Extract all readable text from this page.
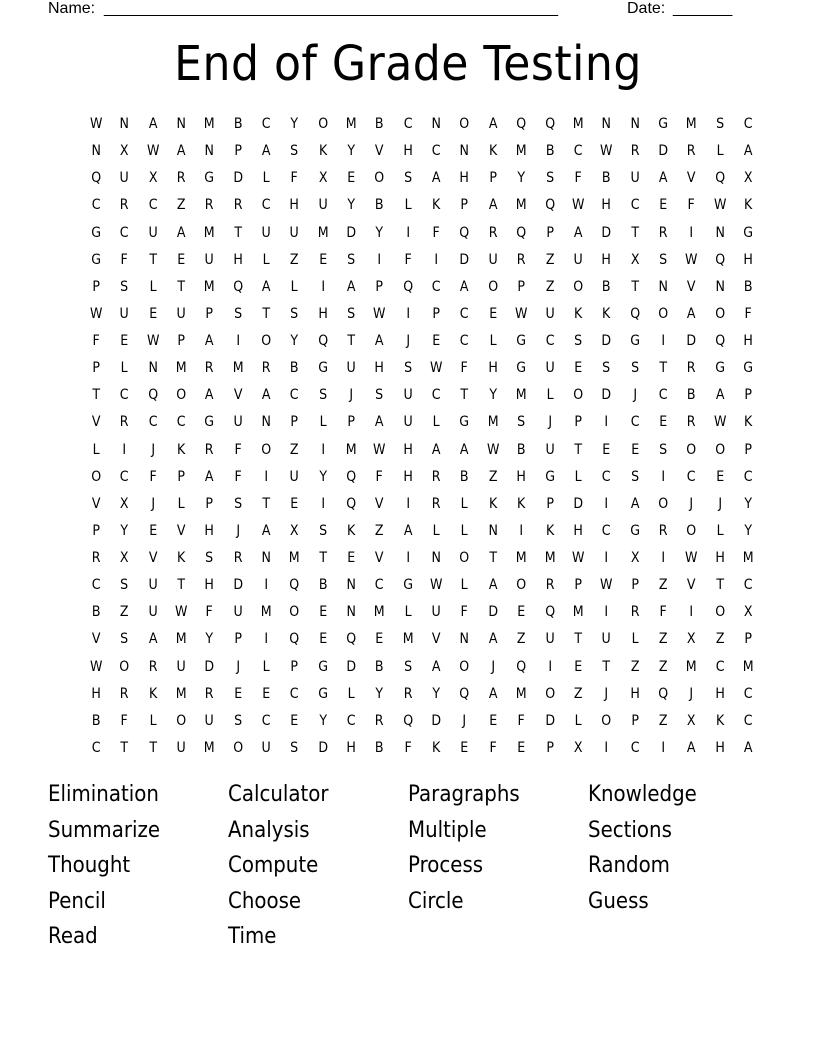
Name: ______________________________________________________	Date: _______
End of Grade Testing
W	N	A	N	M	B	C	Y	O	M	B	C	N	O	A	Q	Q	M	N	N	G	M	S	C
N	X	W	A	N	P	A	S	K	Y	V	H	C	N	K	M	B	C	W	R	D	R	L	A
Q	U	X	R	G	D	L	F	X	E	O	S	A	H	P	Y	S	F	B	U	A	V	Q	X
C	R	C	Z	R	R	C	H	U	Y	B	L	K	P	A	M	Q	W	H	C	E	F	W	K
G	C	U	A	M	T	U	U	M	D	Y	I	F	Q	R	Q	P	A	D	T	R	I	N	G
G	F	T	E	U	H	L	Z	E	S	I	F	I	D	U	R	Z	U	H	X	S	W	Q	H
P	S	L	T	M	Q	A	L	I	A	P	Q	C	A	O	P	Z	O	B	T	N	V	N	B
W	U	E	U	P	S	T	S	H	S	W	I	P	C	E	W	U	K	K	Q	O	A	O	F
F	E	W	P	A	I	O	Y	Q	T	A	J	E	C	L	G	C	S	D	G	I	D	Q	H
P	L	N	M	R	M	R	B	G	U	H	S	W	F	H	G	U	E	S	S	T	R	G	G
T	C	Q	O	A	V	A	C	S	J	S	U	C	T	Y	M	L	O	D	J	C	B	A	P
V	R	C	C	G	U	N	P	L	P	A	U	L	G	M	S	J	P	I	C	E	R	W	K
L	I	J	K	R	F	O	Z	I	M	W	H	A	A	W	B	U	T	E	E	S	O	O	P
O	C	F	P	A	F	I	U	Y	Q	F	H	R	B	Z	H	G	L	C	S	I	C	E	C
V	X	J	L	P	S	T	E	I	Q	V	I	R	L	K	K	P	D	I	A	O	J	J	Y
P	Y	E	V	H	J	A	X	S	K	Z	A	L	L	N	I	K	H	C	G	R	O	L	Y
R	X	V	K	S	R	N	M	T	E	V	I	N	O	T	M	M	W	I	X	I	W	H	M
C	S	U	T	H	D	I	Q	B	N	C	G	W	L	A	O	R	P	W	P	Z	V	T	C
B	Z	U	W	F	U	M	O	E	N	M	L	U	F	D	E	Q	M	I	R	F	I	O	X
V	S	A	M	Y	P	I	Q	E	Q	E	M	V	N	A	Z	U	T	U	L	Z	X	Z	P
W	O	R	U	D	J	L	P	G	D	B	S	A	O	J	Q	I	E	T	Z	Z	M	C	M
H	R	K	M	R	E	E	C	G	L	Y	R	Y	Q	A	M	O	Z	J	H	Q	J	H	C
B	F	L	O	U	S	C	E	Y	C	R	Q	D	J	E	F	D	L	O	P	Z	X	K	C
C	T	T	U	M	O	U	S	D	H	B	F	K	E	F	E	P	X	I	C	I	A	H	A
Elimination	Calculator	Paragraphs	Knowledge
Summarize	Analysis	Multiple	Sections
Thought	Compute	Process	Random
Pencil	Choose	Circle	Guess
Read	Time
